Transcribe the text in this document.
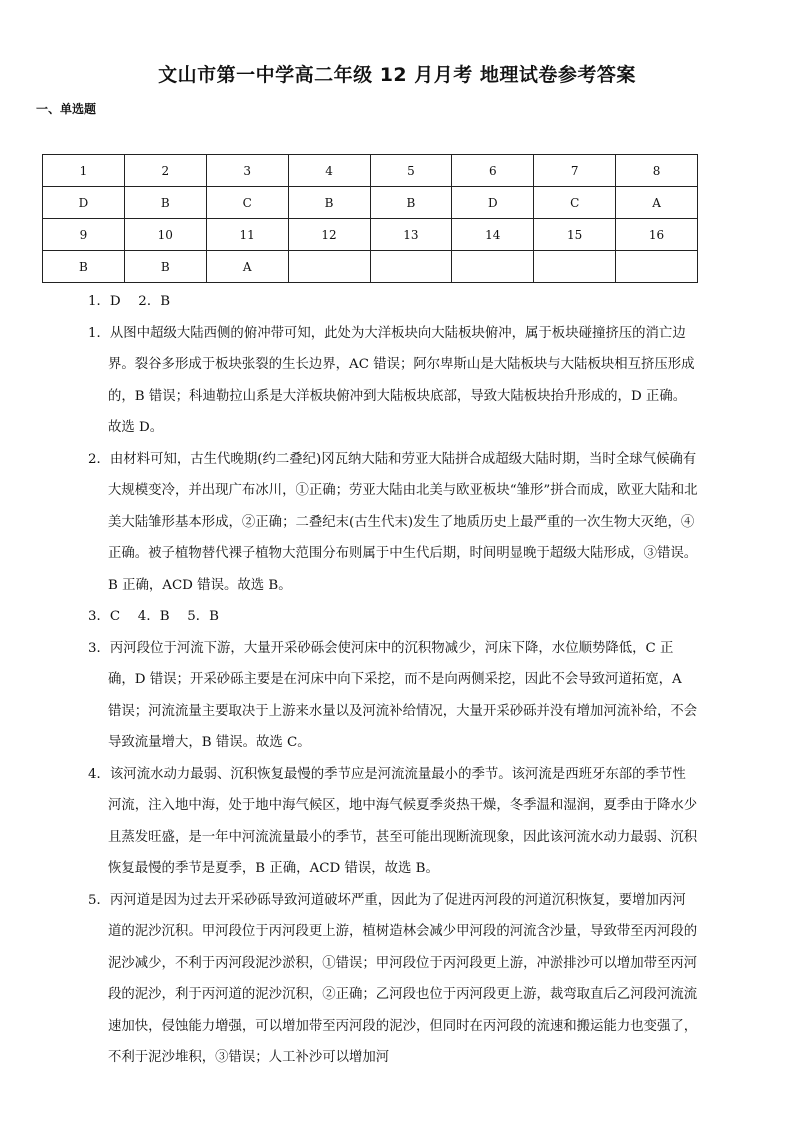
文山市第一中学高二年级 12 月月考 地理试卷参考答案
一、单选题
1	2	3	4	5	6	7	8
D	B	C	B	B	D	C	A
9	10	11	12	13	14	15	16
B	B	A					
1．D　 2．B
1．从图中超级大陆西侧的俯冲带可知，此处为大洋板块向大陆板块俯冲，属于板块碰撞挤压的消亡边界。裂谷多形成于板块张裂的生长边界，AC 错误；阿尔卑斯山是大陆板块与大陆板块相互挤压形成的，B 错误；科迪勒拉山系是大洋板块俯冲到大陆板块底部，导致大陆板块抬升形成的，D 正确。故选 D。
2．由材料可知，古生代晚期(约二叠纪)冈瓦纳大陆和劳亚大陆拼合成超级大陆时期，当时全球气候确有大规模变冷，并出现广布冰川，①正确；劳亚大陆由北美与欧亚板块“雏形”拼合而成，欧亚大陆和北美大陆雏形基本形成，②正确；二叠纪末(古生代末)发生了地质历史上最严重的一次生物大灭绝，④正确。被子植物替代裸子植物大范围分布则属于中生代后期，时间明显晚于超级大陆形成，③错误。B 正确，ACD 错误。故选 B。
3．C　 4．B　 5．B
3．丙河段位于河流下游，大量开采砂砾会使河床中的沉积物减少，河床下降，水位顺势降低，C 正确，D 错误；开采砂砾主要是在河床中向下采挖，而不是向两侧采挖，因此不会导致河道拓宽，A 错误；河流流量主要取决于上游来水量以及河流补给情况，大量开采砂砾并没有增加河流补给，不会导致流量增大，B 错误。故选 C。
4．该河流水动力最弱、沉积恢复最慢的季节应是河流流量最小的季节。该河流是西班牙东部的季节性河流，注入地中海，处于地中海气候区，地中海气候夏季炎热干燥，冬季温和湿润，夏季由于降水少且蒸发旺盛，是一年中河流流量最小的季节，甚至可能出现断流现象，因此该河流水动力最弱、沉积恢复最慢的季节是夏季，B 正确，ACD 错误，故选 B。
5．丙河道是因为过去开采砂砾导致河道破坏严重，因此为了促进丙河段的河道沉积恢复，要增加丙河道的泥沙沉积。甲河段位于丙河段更上游，植树造林会减少甲河段的河流含沙量，导致带至丙河段的泥沙减少，不利于丙河段泥沙淤积，①错误；甲河段位于丙河段更上游，冲淤排沙可以增加带至丙河段的泥沙，利于丙河道的泥沙沉积，②正确；乙河段也位于丙河段更上游，裁弯取直后乙河段河流流速加快，侵蚀能力增强，可以增加带至丙河段的泥沙，但同时在丙河段的流速和搬运能力也变强了，不利于泥沙堆积，③错误；人工补沙可以增加河
